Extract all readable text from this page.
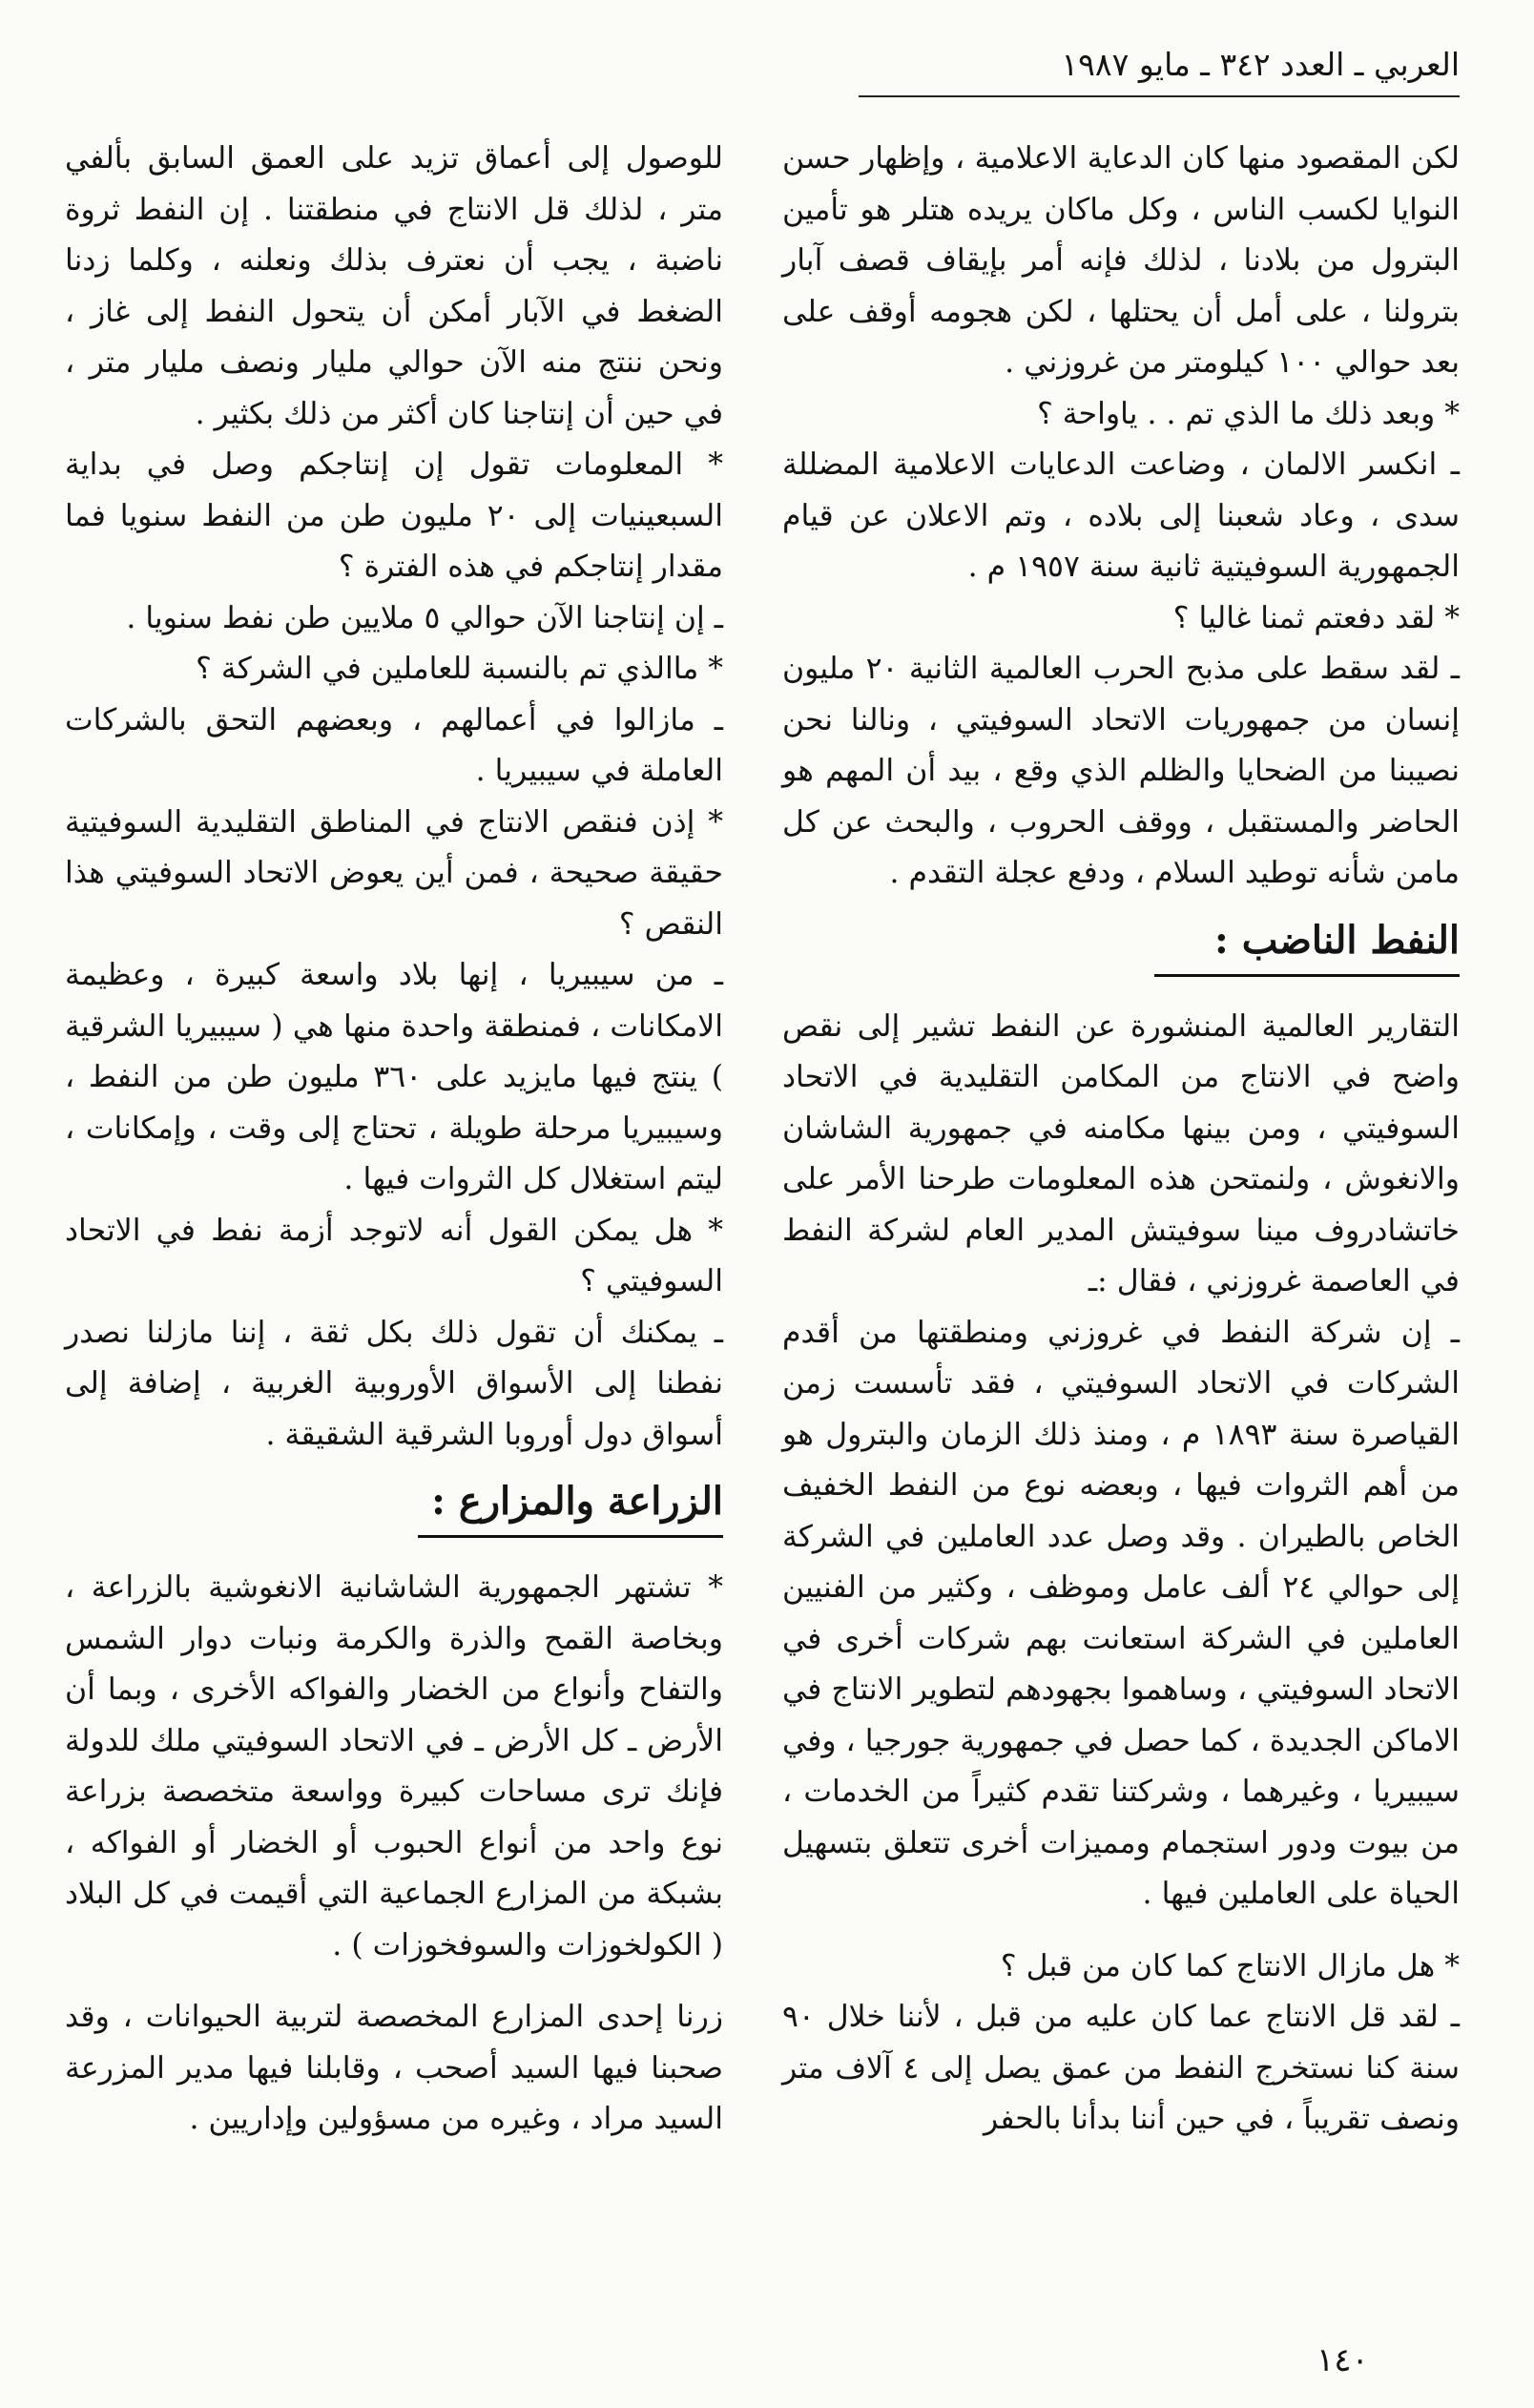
العربي ـ العدد ٣٤٢ ـ مايو ١٩٨٧

لكن المقصود منها كان الدعاية الاعلامية ، وإظهار حسن النوايا لكسب الناس ، وكل ماكان يريده هتلر هو تأمين البترول من بلادنا ، لذلك فإنه أمر بإيقاف قصف آبار بترولنا ، على أمل أن يحتلها ، لكن هجومه أوقف على بعد حوالي ١٠٠ كيلومتر من غروزني .

* وبعد ذلك ما الذي تم . . ياواحة ؟

ـ انكسر الالمان ، وضاعت الدعايات الاعلامية المضللة سدى ، وعاد شعبنا إلى بلاده ، وتم الاعلان عن قيام الجمهورية السوفيتية ثانية سنة ١٩٥٧ م .

* لقد دفعتم ثمنا غاليا ؟

ـ لقد سقط على مذبح الحرب العالمية الثانية ٢٠ مليون إنسان من جمهوريات الاتحاد السوفيتي ، ونالنا نحن نصيبنا من الضحايا والظلم الذي وقع ، بيد أن المهم هو الحاضر والمستقبل ، ووقف الحروب ، والبحث عن كل مامن شأنه توطيد السلام ، ودفع عجلة التقدم .

النفط الناضب :

التقارير العالمية المنشورة عن النفط تشير إلى نقص واضح في الانتاج من المكامن التقليدية في الاتحاد السوفيتي ، ومن بينها مكامنه في جمهورية الشاشان والانغوش ، ولنمتحن هذه المعلومات طرحنا الأمر على خاتشادروف مينا سوفيتش المدير العام لشركة النفط في العاصمة غروزني ، فقال :ـ

ـ إن شركة النفط في غروزني ومنطقتها من أقدم الشركات في الاتحاد السوفيتي ، فقد تأسست زمن القياصرة سنة ١٨٩٣ م ، ومنذ ذلك الزمان والبترول هو من أهم الثروات فيها ، وبعضه نوع من النفط الخفيف الخاص بالطيران . وقد وصل عدد العاملين في الشركة إلى حوالي ٢٤ ألف عامل وموظف ، وكثير من الفنيين العاملين في الشركة استعانت بهم شركات أخرى في الاتحاد السوفيتي ، وساهموا بجهودهم لتطوير الانتاج في الاماكن الجديدة ، كما حصل في جمهورية جورجيا ، وفي سيبيريا ، وغيرهما ، وشركتنا تقدم كثيراً من الخدمات ، من بيوت ودور استجمام ومميزات أخرى تتعلق بتسهيل الحياة على العاملين فيها .

* هل مازال الانتاج كما كان من قبل ؟

ـ لقد قل الانتاج عما كان عليه من قبل ، لأننا خلال ٩٠ سنة كنا نستخرج النفط من عمق يصل إلى ٤ آلاف متر ونصف تقريباً ، في حين أننا بدأنا بالحفر

للوصول إلى أعماق تزيد على العمق السابق بألفي متر ، لذلك قل الانتاج في منطقتنا . إن النفط ثروة ناضبة ، يجب أن نعترف بذلك ونعلنه ، وكلما زدنا الضغط في الآبار أمكن أن يتحول النفط إلى غاز ، ونحن ننتج منه الآن حوالي مليار ونصف مليار متر ، في حين أن إنتاجنا كان أكثر من ذلك بكثير .

* المعلومات تقول إن إنتاجكم وصل في بداية السبعينيات إلى ٢٠ مليون طن من النفط سنويا فما مقدار إنتاجكم في هذه الفترة ؟

ـ إن إنتاجنا الآن حوالي ٥ ملايين طن نفط سنويا .

* ماالذي تم بالنسبة للعاملين في الشركة ؟

ـ مازالوا في أعمالهم ، وبعضهم التحق بالشركات العاملة في سيبيريا .

* إذن فنقص الانتاج في المناطق التقليدية السوفيتية حقيقة صحيحة ، فمن أين يعوض الاتحاد السوفيتي هذا النقص ؟

ـ من سيبيريا ، إنها بلاد واسعة كبيرة ، وعظيمة الامكانات ، فمنطقة واحدة منها هي ( سيبيريا الشرقية ) ينتج فيها مايزيد على ٣٦٠ مليون طن من النفط ، وسيبيريا مرحلة طويلة ، تحتاج إلى وقت ، وإمكانات ، ليتم استغلال كل الثروات فيها .

* هل يمكن القول أنه لاتوجد أزمة نفط في الاتحاد السوفيتي ؟

ـ يمكنك أن تقول ذلك بكل ثقة ، إننا مازلنا نصدر نفطنا إلى الأسواق الأوروبية الغربية ، إضافة إلى أسواق دول أوروبا الشرقية الشقيقة .

الزراعة والمزارع :

* تشتهر الجمهورية الشاشانية الانغوشية بالزراعة ، وبخاصة القمح والذرة والكرمة ونبات دوار الشمس والتفاح وأنواع من الخضار والفواكه الأخرى ، وبما أن الأرض ـ كل الأرض ـ في الاتحاد السوفيتي ملك للدولة فإنك ترى مساحات كبيرة وواسعة متخصصة بزراعة نوع واحد من أنواع الحبوب أو الخضار أو الفواكه ، بشبكة من المزارع الجماعية التي أقيمت في كل البلاد ( الكولخوزات والسوفخوزات ) .

زرنا إحدى المزارع المخصصة لتربية الحيوانات ، وقد صحبنا فيها السيد أصحب ، وقابلنا فيها مدير المزرعة السيد مراد ، وغيره من مسؤولين وإداريين .

١٤٠
